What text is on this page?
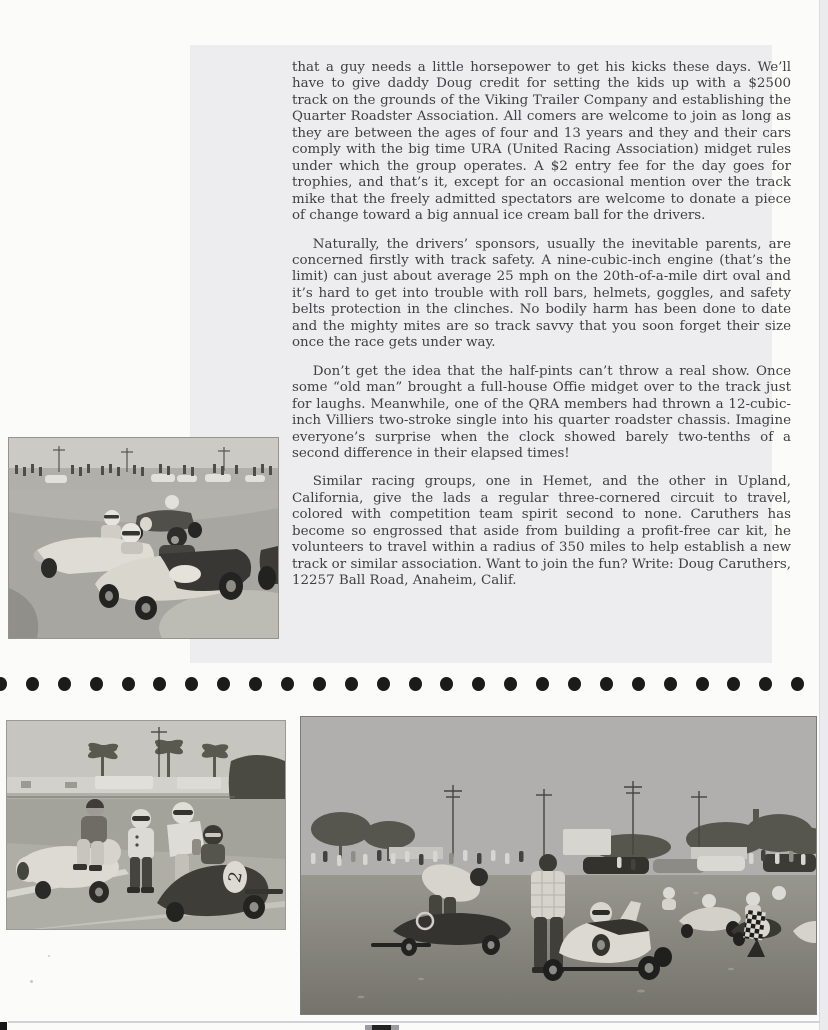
that a guy needs a little horsepower to get his kicks these days. We’ll have to give daddy Doug credit for setting the kids up with a $2500 track on the grounds of the Viking Trailer Company and establishing the Quarter Roadster Association. All comers are welcome to join as long as they are between the ages of four and 13 years and they and their cars comply with the big time URA (United Racing Association) midget rules under which the group operates. A $2 entry fee for the day goes for trophies, and that’s it, except for an occasional mention over the track mike that the freely admitted spectators are welcome to donate a piece of change toward a big annual ice cream ball for the drivers.

Naturally, the drivers’ sponsors, usually the inevitable parents, are concerned firstly with track safety. A nine-cubic-inch engine (that’s the limit) can just about average 25 mph on the 20th-of-a-mile dirt oval and it’s hard to get into trouble with roll bars, helmets, goggles, and safety belts protection in the clinches. No bodily harm has been done to date and the mighty mites are so track savvy that you soon forget their size once the race gets under way.

Don’t get the idea that the half-pints can’t throw a real show. Once some “old man” brought a full-house Offie midget over to the track just for laughs. Meanwhile, one of the QRA members had thrown a 12-cubic-inch Villiers two-stroke single into his quarter roadster chassis. Imagine everyone’s surprise when the clock showed barely two-tenths of a second difference in their elapsed times!

Similar racing groups, one in Hemet, and the other in Upland, California, give the lads a regular three-cornered circuit to travel, colored with competition team spirit second to none. Caruthers has become so engrossed that aside from building a profit-free car kit, he volunteers to travel within a radius of 350 miles to help establish a new track or similar association. Want to join the fun? Write: Doug Caruthers, 12257 Ball Road, Anaheim, Calif.

2
